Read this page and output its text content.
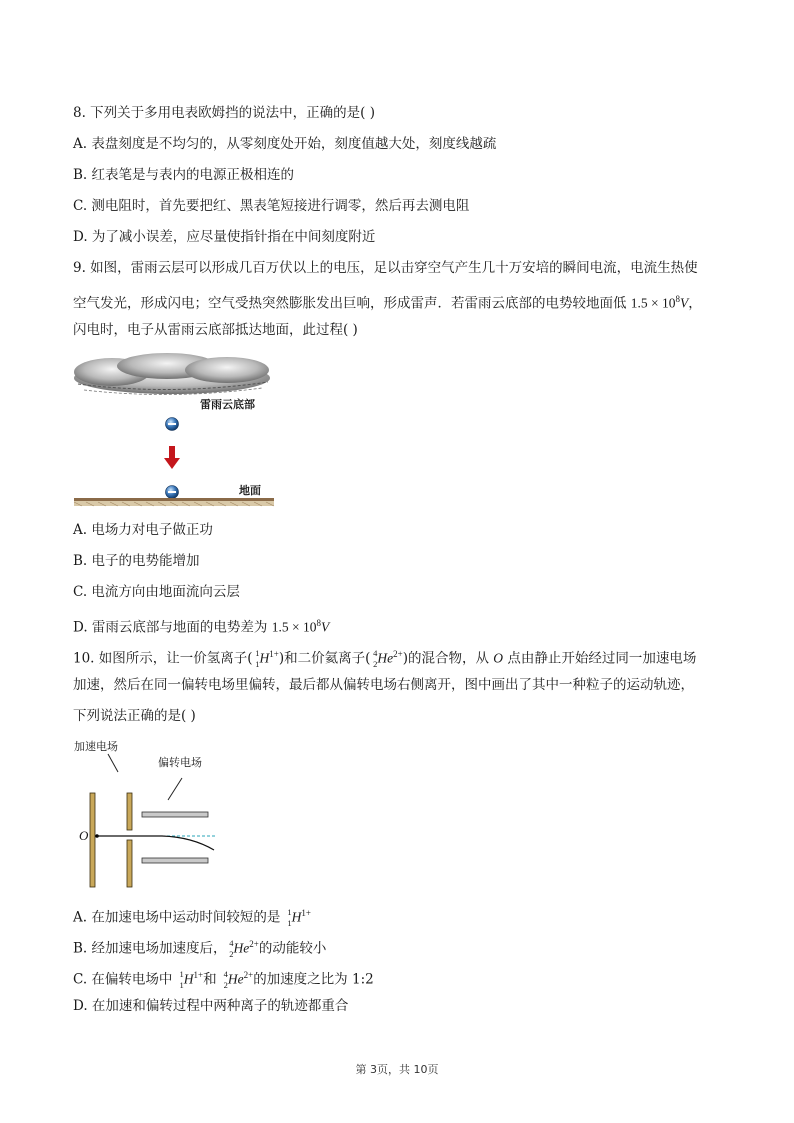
8. 下列关于多用电表欧姆挡的说法中，正确的是( )
A. 表盘刻度是不均匀的，从零刻度处开始，刻度值越大处，刻度线越疏
B. 红表笔是与表内的电源正极相连的
C. 测电阻时，首先要把红、黑表笔短接进行调零，然后再去测电阻
D. 为了减小误差，应尽量使指针指在中间刻度附近
9. 如图，雷雨云层可以形成几百万伏以上的电压，足以击穿空气产生几十万安培的瞬间电流，电流生热使
空气发光，形成闪电；空气受热突然膨胀发出巨响，形成雷声．若雷雨云底部的电势较地面低 $1.5 \times 10^8V$，
闪电时，电子从雷雨云底部抵达地面，此过程( )
雷雨云底部
地面
A. 电场力对电子做正功
B. 电子的电势能增加
C. 电流方向由地面流向云层
D. 雷雨云底部与地面的电势差为 $1.5 \times 10^8V$
10. 如图所示，让一价氢离子( 1
1 $H^{1+}$)和二价氦离子( 4
2 $He^{2+}$)的混合物，从 O 点由静止开始经过同一加速电场
加速，然后在同一偏转电场里偏转，最后都从偏转电场右侧离开，图中画出了其中一种粒子的运动轨迹，
下列说法正确的是( )
加速电场
偏转电场
O
A. 在加速电场中运动时间较短的是 1
1 $H^{1+}$
B. 经加速电场加速度后， 4
2 $He^{2+}$的动能较小
C. 在偏转电场中 1
1 $H^{1+}$和 4
2 $He^{2+}$的加速度之比为 1:2
D. 在加速和偏转过程中两种离子的轨迹都重合
第 3页，共 10页
